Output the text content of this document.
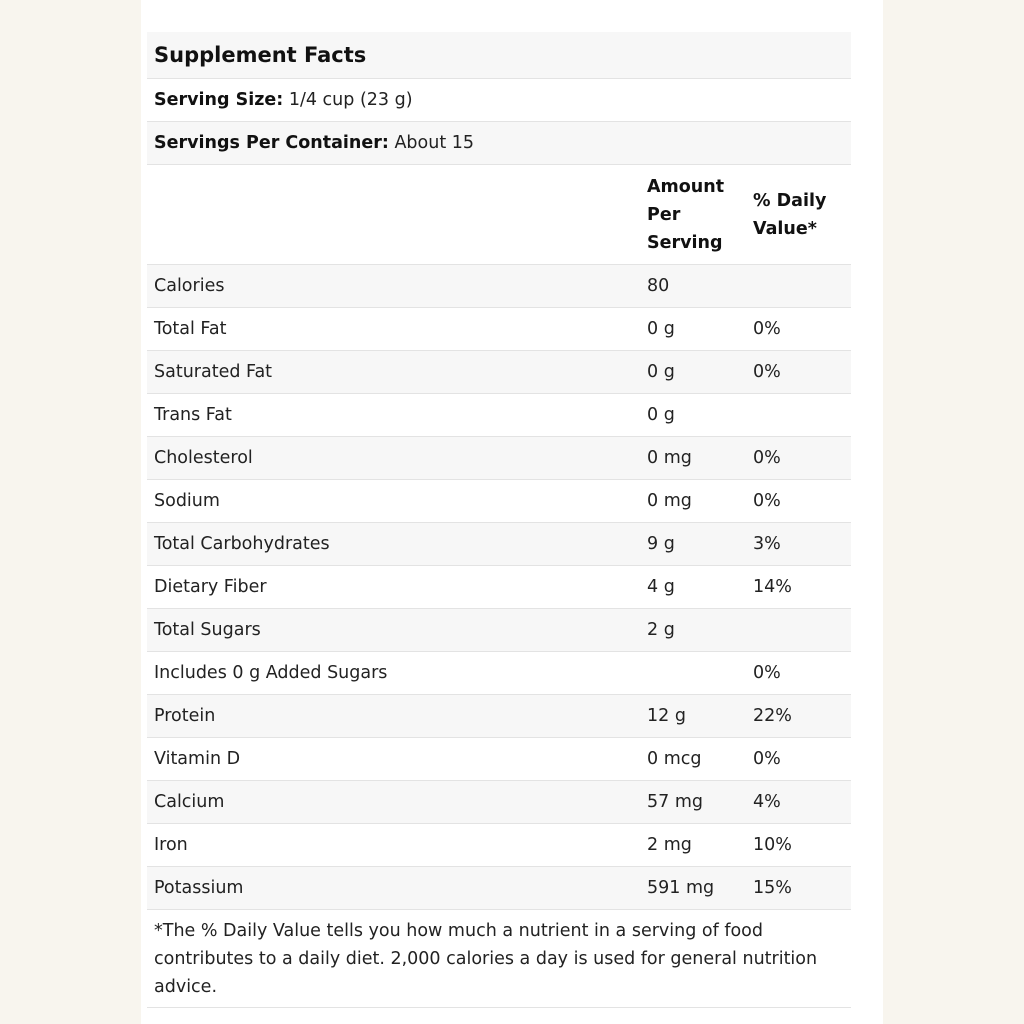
Supplement Facts		
Serving Size: 1/4 cup (23 g)		
Servings Per Container: About 15		
	Amount Per Serving	% Daily Value*
Calories	80	
Total Fat	0 g	0%
Saturated Fat	0 g	0%
Trans Fat	0 g	
Cholesterol	0 mg	0%
Sodium	0 mg	0%
Total Carbohydrates	9 g	3%
Dietary Fiber	4 g	14%
Total Sugars	2 g	
Includes 0 g Added Sugars		0%
Protein	12 g	22%
Vitamin D	0 mcg	0%
Calcium	57 mg	4%
Iron	2 mg	10%
Potassium	591 mg	15%
*The % Daily Value tells you how much a nutrient in a serving of food contributes to a daily diet. 2,000 calories a day is used for general nutrition advice.		
